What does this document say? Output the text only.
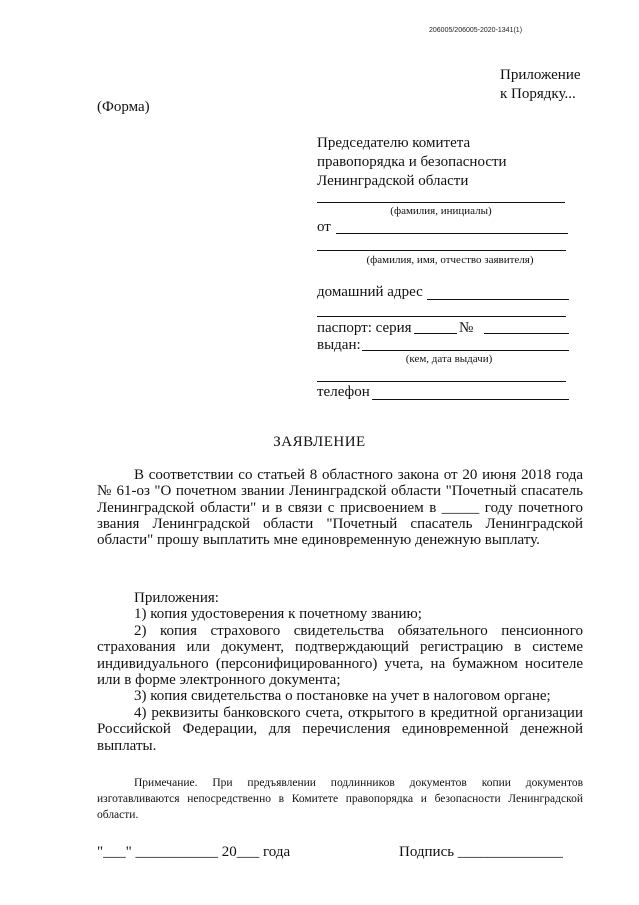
206005/206005-2020-1341(1)
Приложение
к Порядку...
(Форма)
Председателю комитета
правопорядка и безопасности
Ленинградской области
(фамилия, инициалы)
от
(фамилия, имя, отчество заявителя)
домашний адрес
паспорт: серия	№
выдан:
(кем, дата выдачи)
телефон
ЗАЯВЛЕНИЕ
В соответствии со статьей 8 областного закона от 20 июня 2018 года № 61-оз "О почетном звании Ленинградской области "Почетный спасатель Ленинградской области" и в связи с присвоением в _____ году почетного звания Ленинградской области "Почетный спасатель Ленинградской области" прошу выплатить мне единовременную денежную выплату.
Приложения:
1) копия удостоверения к почетному званию;
2) копия страхового свидетельства обязательного пенсионного страхования или документ, подтверждающий регистрацию в системе индивидуального (персонифицированного) учета, на бумажном носителе или в форме электронного документа;
3) копия свидетельства о постановке на учет в налоговом органе;
4) реквизиты банковского счета, открытого в кредитной организации Российской Федерации, для перечисления единовременной денежной выплаты.
Примечание. При предъявлении подлинников документов копии документов изготавливаются непосредственно в Комитете правопорядка и безопасности Ленинградской области.
"___" ___________ 20___ года	Подпись ______________
